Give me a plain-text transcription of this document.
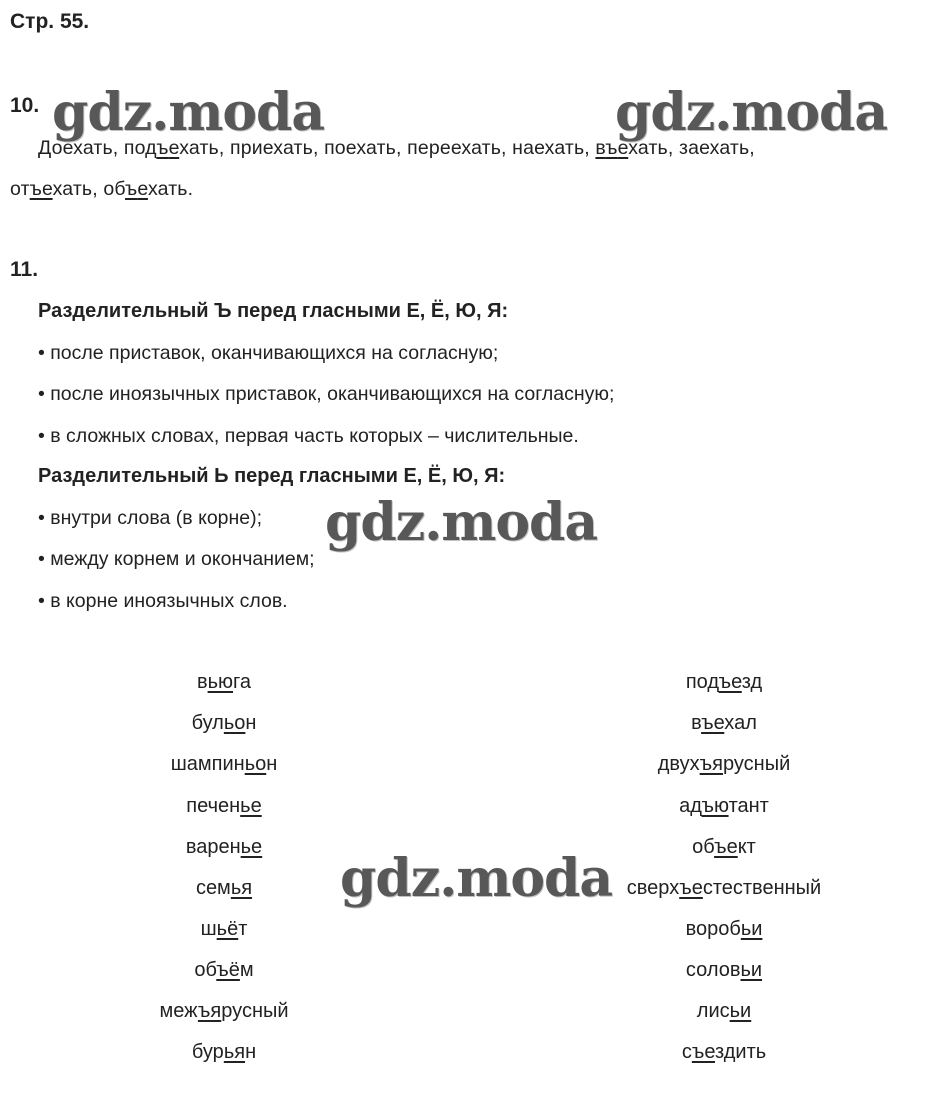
Стр. 55.
gdz.moda	gdz.moda
gdz.moda
gdz.moda
10.
Доехать, подъехать, приехать, поехать, переехать, наехать, въехать, заехать,
отъехать, объехать.
11.
Разделительный Ъ перед гласными Е, Ё, Ю, Я:
• после приставок, оканчивающихся на согласную;
• после иноязычных приставок, оканчивающихся на согласную;
• в сложных словах, первая часть которых – числительные.
Разделительный Ь перед гласными Е, Ё, Ю, Я:
• внутри слова (в корне);
• между корнем и окончанием;
• в корне иноязычных слов.
вьюга
бульон
шампиньон
печенье
варенье
семья
шьёт
объём
межъярусный
бурьян
подъезд
въехал
двухъярусный
адъютант
объект
сверхъестественный
воробьи
соловьи
лисьи
съездить
